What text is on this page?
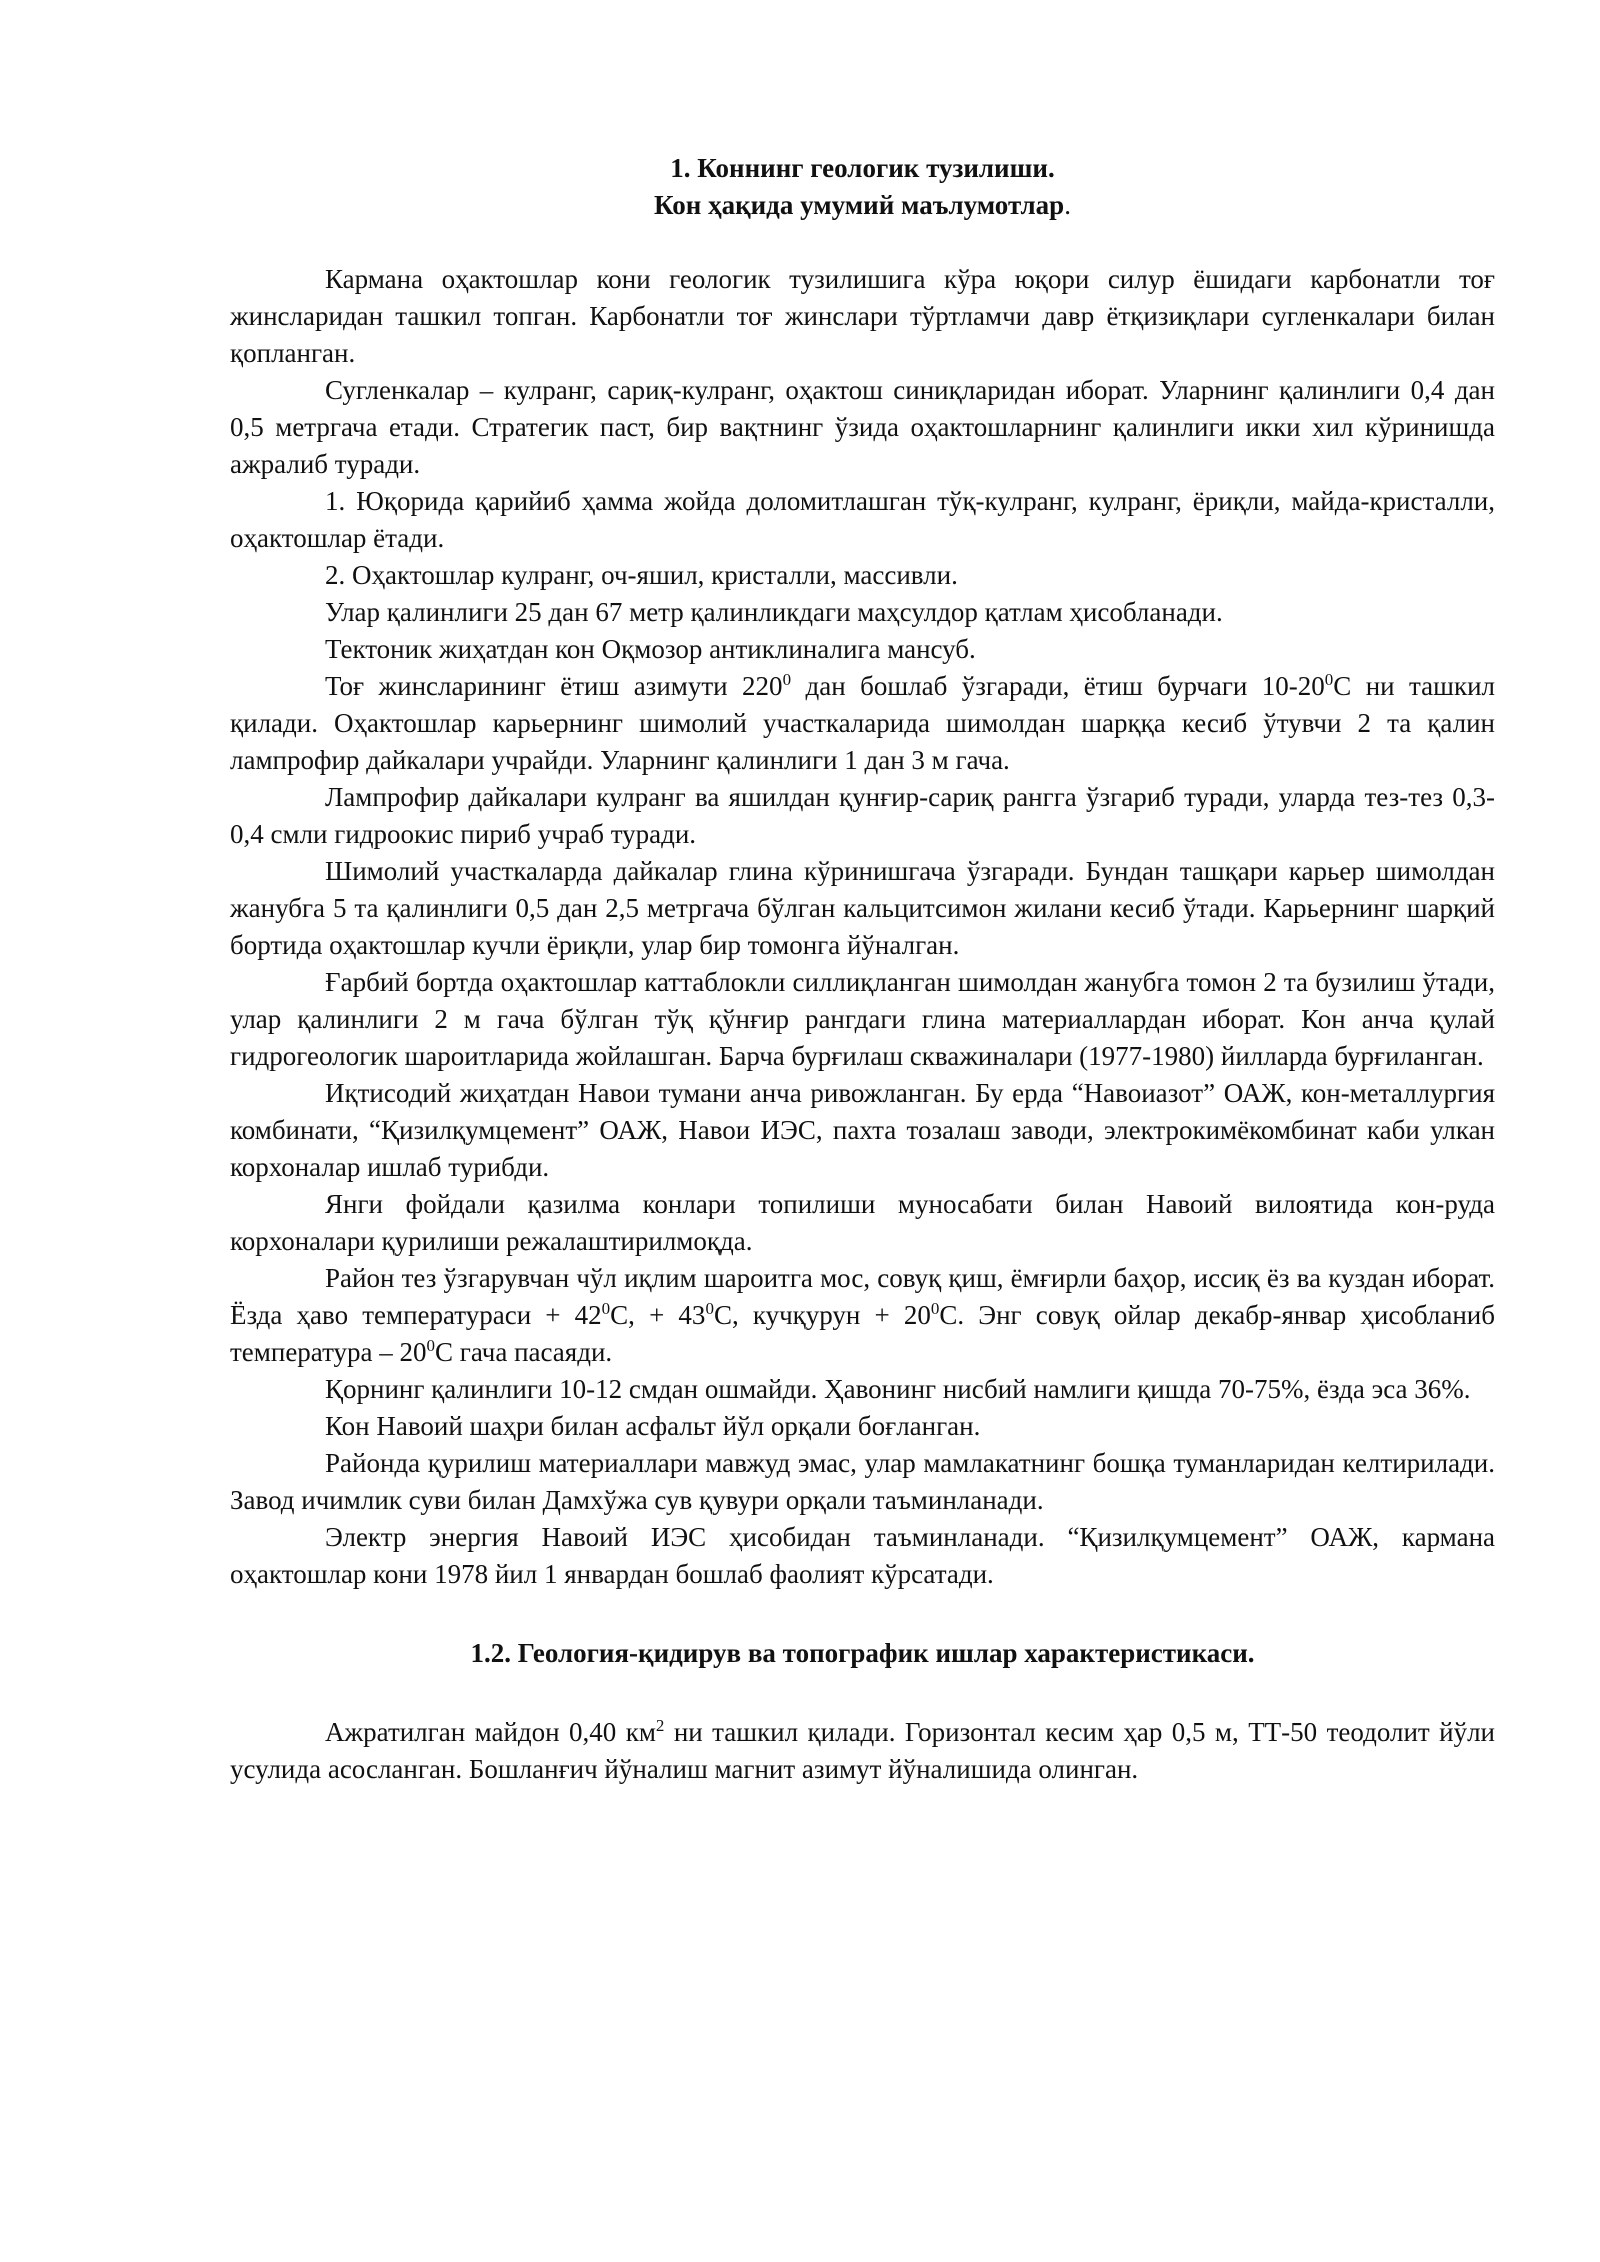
1. Коннинг геологик тузилиши.

Кон ҳақида умумий маълумотлар.

Кармана оҳактошлар кони геологик тузилишига кўра юқори силур ёшидаги карбонатли тоғ жинсларидан ташкил топган. Карбонатли тоғ жинслари тўртламчи давр ётқизиқлари сугленкалари билан қопланган.

Сугленкалар – кулранг, сариқ-кулранг, оҳактош синиқларидан иборат. Уларнинг қалинлиги 0,4 дан 0,5 метргача етади. Стратегик паст, бир вақтнинг ўзида оҳактошларнинг қалинлиги икки хил кўринишда ажралиб туради.

1. Юқорида қарийиб ҳамма жойда доломитлашган тўқ-кулранг, кулранг, ёриқли, майда-кристалли, оҳактошлар ётади.

2. Оҳактошлар кулранг, оч-яшил, кристалли, массивли.

Улар қалинлиги 25 дан 67 метр қалинликдаги маҳсулдор қатлам ҳисобланади.

Тектоник жиҳатдан кон Оқмозор антиклиналига мансуб.

Тоғ жинсларининг ётиш азимути $220^0$ дан бошлаб ўзгаради, ётиш бурчаги $10-20^0С$ ни ташкил қилади. Оҳактошлар карьернинг шимолий участкаларида шимолдан шарққа кесиб ўтувчи 2 та қалин лампрофир дайкалари учрайди. Уларнинг қалинлиги 1 дан 3 м гача.

Лампрофир дайкалари кулранг ва яшилдан қунғир-сариқ рангга ўзгариб туради, уларда тез-тез 0,3-0,4 смли гидроокис пириб учраб туради.

Шимолий участкаларда дайкалар глина кўринишгача ўзгаради. Бундан ташқари карьер шимолдан жанубга 5 та қалинлиги 0,5 дан 2,5 метргача бўлган кальцитсимон жилани кесиб ўтади. Карьернинг шарқий бортида оҳактошлар кучли ёриқли, улар бир томонга йўналган.

Ғарбий бортда оҳактошлар каттаблокли силлиқланган шимолдан жанубга томон 2 та бузилиш ўтади, улар қалинлиги 2 м гача бўлган тўқ қўнғир рангдаги глина материаллардан иборат. Кон анча қулай гидрогеологик шароитларида жойлашган. Барча бурғилаш скважиналари (1977-1980) йилларда бурғиланган.

Иқтисодий жиҳатдан Навои тумани анча ривожланган. Бу ерда “Навоиазот” ОАЖ, кон-металлургия комбинати, “Қизилқумцемент” ОАЖ, Навои ИЭС, пахта тозалаш заводи, электрокимёкомбинат каби улкан корхоналар ишлаб турибди.

Янги фойдали қазилма конлари топилиши муносабати билан Навоий вилоятида кон-руда корхоналари қурилиши режалаштирилмоқда.

Район тез ўзгарувчан чўл иқлим шароитга мос, совуқ қиш, ёмғирли баҳор, иссиқ ёз ва куздан иборат. Ёзда ҳаво температураси + $42^0С$, + $43^0С$, кучқурун + $20^0С$. Энг совуқ ойлар декабр-январ ҳисобланиб температура – $20^0С$ гача пасаяди.

Қорнинг қалинлиги 10-12 смдан ошмайди. Ҳавонинг нисбий намлиги қишда 70-75%, ёзда эса 36%.

Кон Навоий шаҳри билан асфальт йўл орқали боғланган.

Районда қурилиш материаллари мавжуд эмас, улар мамлакатнинг бошқа туманларидан келтирилади. Завод ичимлик суви билан Дамхўжа сув қувури орқали таъминланади.

Электр энергия Навоий ИЭС ҳисобидан таъминланади. “Қизилқумцемент” ОАЖ, кармана оҳактошлар кони 1978 йил 1 январдан бошлаб фаолият кўрсатади.

1.2. Геология-қидирув ва топографик ишлар характеристикаси.

Ажратилган майдон 0,40 $км^2$ ни ташкил қилади. Горизонтал кесим ҳар 0,5 м, ТТ-50 теодолит йўли усулида асосланган. Бошланғич йўналиш магнит азимут йўналишида олинган.
